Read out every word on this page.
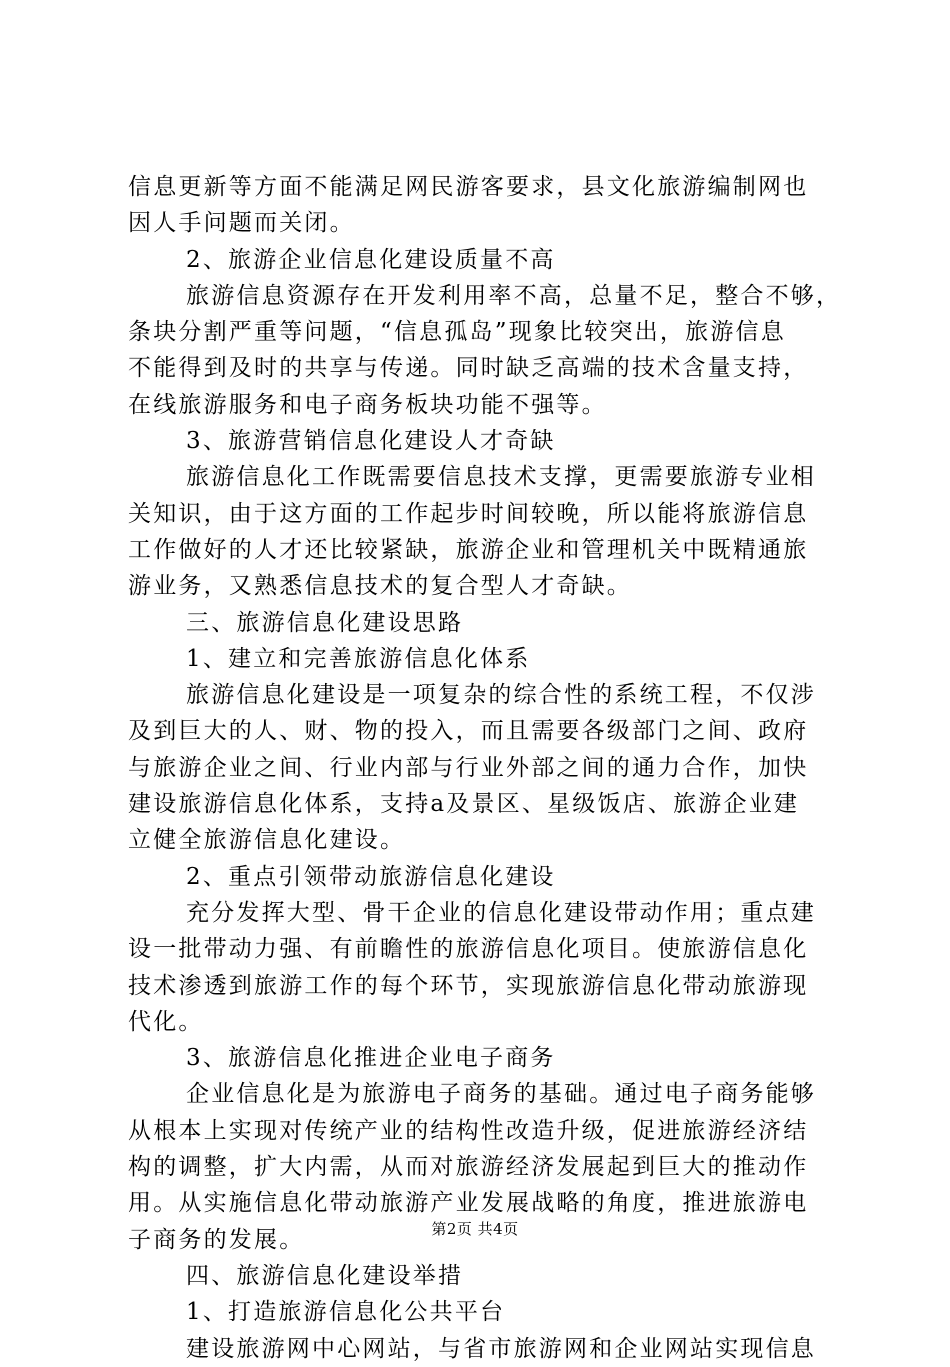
信息更新等方面不能满足网民游客要求，县文化旅游编制网也
因人手问题而关闭。
2、旅游企业信息化建设质量不高
旅游信息资源存在开发利用率不高，总量不足，整合不够，
条块分割严重等问题，“信息孤岛”现象比较突出，旅游信息
不能得到及时的共享与传递。同时缺乏高端的技术含量支持，
在线旅游服务和电子商务板块功能不强等。
3、旅游营销信息化建设人才奇缺
旅游信息化工作既需要信息技术支撑，更需要旅游专业相
关知识，由于这方面的工作起步时间较晚，所以能将旅游信息
工作做好的人才还比较紧缺，旅游企业和管理机关中既精通旅
游业务，又熟悉信息技术的复合型人才奇缺。
三、旅游信息化建设思路
1、建立和完善旅游信息化体系
旅游信息化建设是一项复杂的综合性的系统工程，不仅涉
及到巨大的人、财、物的投入，而且需要各级部门之间、政府
与旅游企业之间、行业内部与行业外部之间的通力合作，加快
建设旅游信息化体系，支持a及景区、星级饭店、旅游企业建
立健全旅游信息化建设。
2、重点引领带动旅游信息化建设
充分发挥大型、骨干企业的信息化建设带动作用；重点建
设一批带动力强、有前瞻性的旅游信息化项目。使旅游信息化
技术渗透到旅游工作的每个环节，实现旅游信息化带动旅游现
代化。
3、旅游信息化推进企业电子商务
企业信息化是为旅游电子商务的基础。通过电子商务能够
从根本上实现对传统产业的结构性改造升级，促进旅游经济结
构的调整，扩大内需，从而对旅游经济发展起到巨大的推动作
用。从实施信息化带动旅游产业发展战略的角度，推进旅游电
子商务的发展。
四、旅游信息化建设举措
1、打造旅游信息化公共平台
建设旅游网中心网站，与省市旅游网和企业网站实现信息
第2页 共4页
